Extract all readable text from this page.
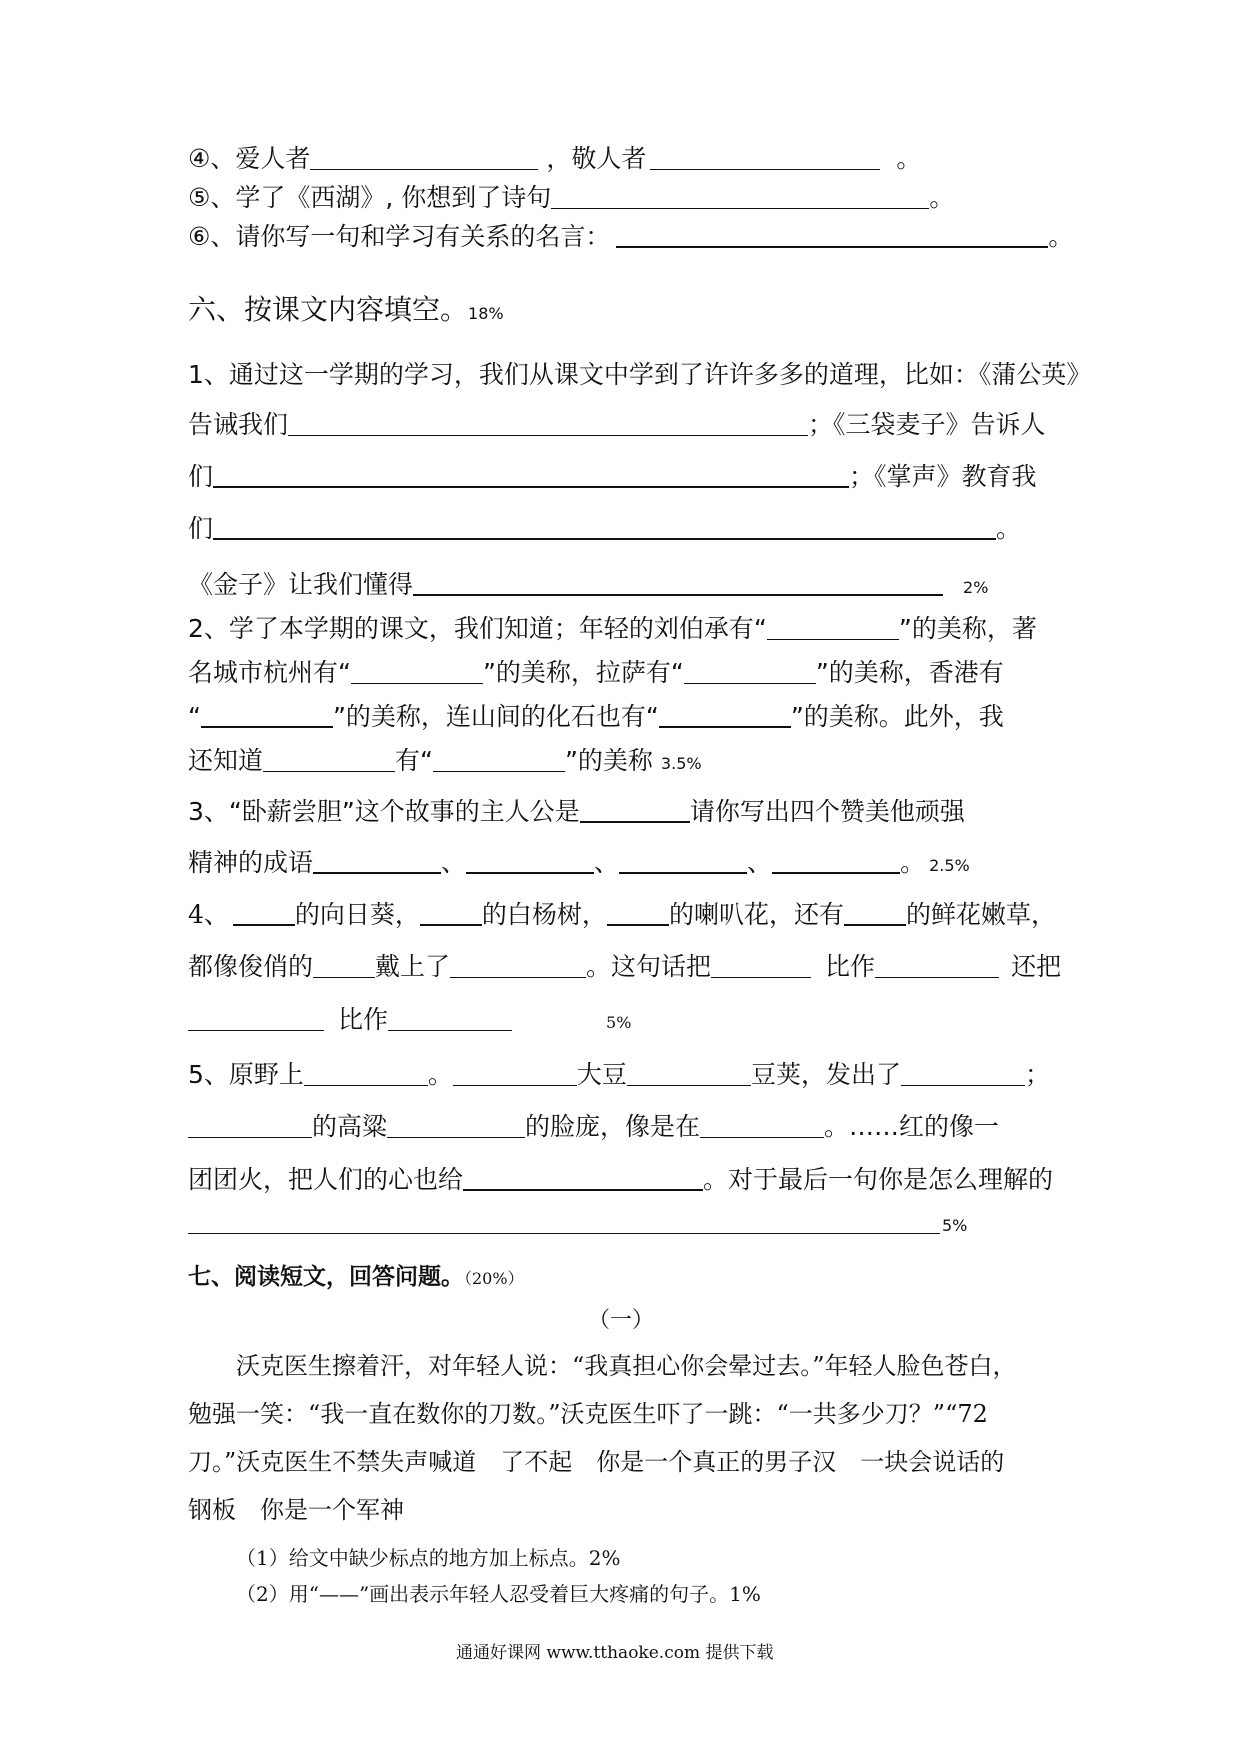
④、爱人者	，敬人者	。
⑤、学了《西湖》, 你想到了诗句	。
⑥、请你写一句和学习有关系的名言：	。
六、按课文内容填空。18%
1、通过这一学期的学习，我们从课文中学到了许许多多的道理，比如：《蒲公英》
告诫我们	；《三袋麦子》告诉人
们	；《掌声》教育我
们	。
《金子》让我们懂得	2%
2、学了本学期的课文，我们知道；年轻的刘伯承有“	”的美称，著
名城市杭州有“	”的美称，拉萨有“	”的美称，香港有
“	”的美称，连山间的化石也有“	”的美称。此外，我
还知道	有“	”的美称 3.5%
3、“卧薪尝胆”这个故事的主人公是	请你写出四个赞美他顽强
精神的成语	、	、	、	。 2.5%
4、	的向日葵， 的白杨树， 的喇叭花，还有 的鲜花嫩草，
都像俊俏的 戴上了	。这句话把	比作	还把
比作	5%
5、原野上	。	大豆	豆荚，发出了	；
的高粱	的脸庞，像是在	。……红的像一
团团火，把人们的心也给	。对于最后一句你是怎么理解的
5%
七、阅读短文，回答问题。（20%）
（一）
沃克医生擦着汗，对年轻人说：“我真担心你会晕过去。”年轻人脸色苍白，
勉强一笑：“我一直在数你的刀数。”沃克医生吓了一跳：“一共多少刀？”“72
刀。”沃克医生不禁失声喊道　了不起　你是一个真正的男子汉　一块会说话的
钢板　你是一个军神
（1）给文中缺少标点的地方加上标点。2%
（2）用“——”画出表示年轻人忍受着巨大疼痛的句子。1%
通通好课网 www.tthaoke.com 提供下载
